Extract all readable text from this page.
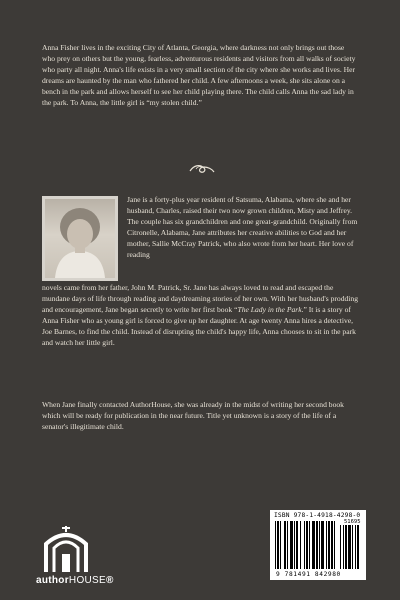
Anna Fisher lives in the exciting City of Atlanta, Georgia, where darkness not only brings out those who prey on others but the young, fearless, adventurous residents and visitors from all walks of society who party all night. Anna's life exists in a very small section of the city where she works and lives. Her dreams are haunted by the man who fathered her child. A few afternoons a week, she sits alone on a bench in the park and allows herself to see her child playing there. The child calls Anna the sad lady in the park. To Anna, the little girl is “my stolen child.”

Jane is a forty-plus year resident of Satsuma, Alabama, where she and her husband, Charles, raised their two now grown children, Misty and Jeffrey. The couple has six grandchildren and one great-grandchild. Originally from Citronelle, Alabama, Jane attributes her creative abilities to God and her mother, Sallie McCray Patrick, who also wrote from her heart. Her love of reading

novels came from her father, John M. Patrick, Sr. Jane has always loved to read and escaped the mundane days of life through reading and daydreaming stories of her own. With her husband's prodding and encouragement, Jane began secretly to write her first book “The Lady in the Park.” It is a story of Anna Fisher who as young girl is forced to give up her daughter. At age twenty Anna hires a detective, Joe Barnes, to find the child. Instead of disrupting the child's happy life, Anna chooses to sit in the park and watch her little girl.

When Jane finally contacted AuthorHouse, she was already in the midst of writing her second book which will be ready for publication in the near future. Title yet unknown is a story of the life of a senator's illegitimate child.

authorHOUSE®
ISBN 978-1-4918-4298-0
51695
9 781491 842980
